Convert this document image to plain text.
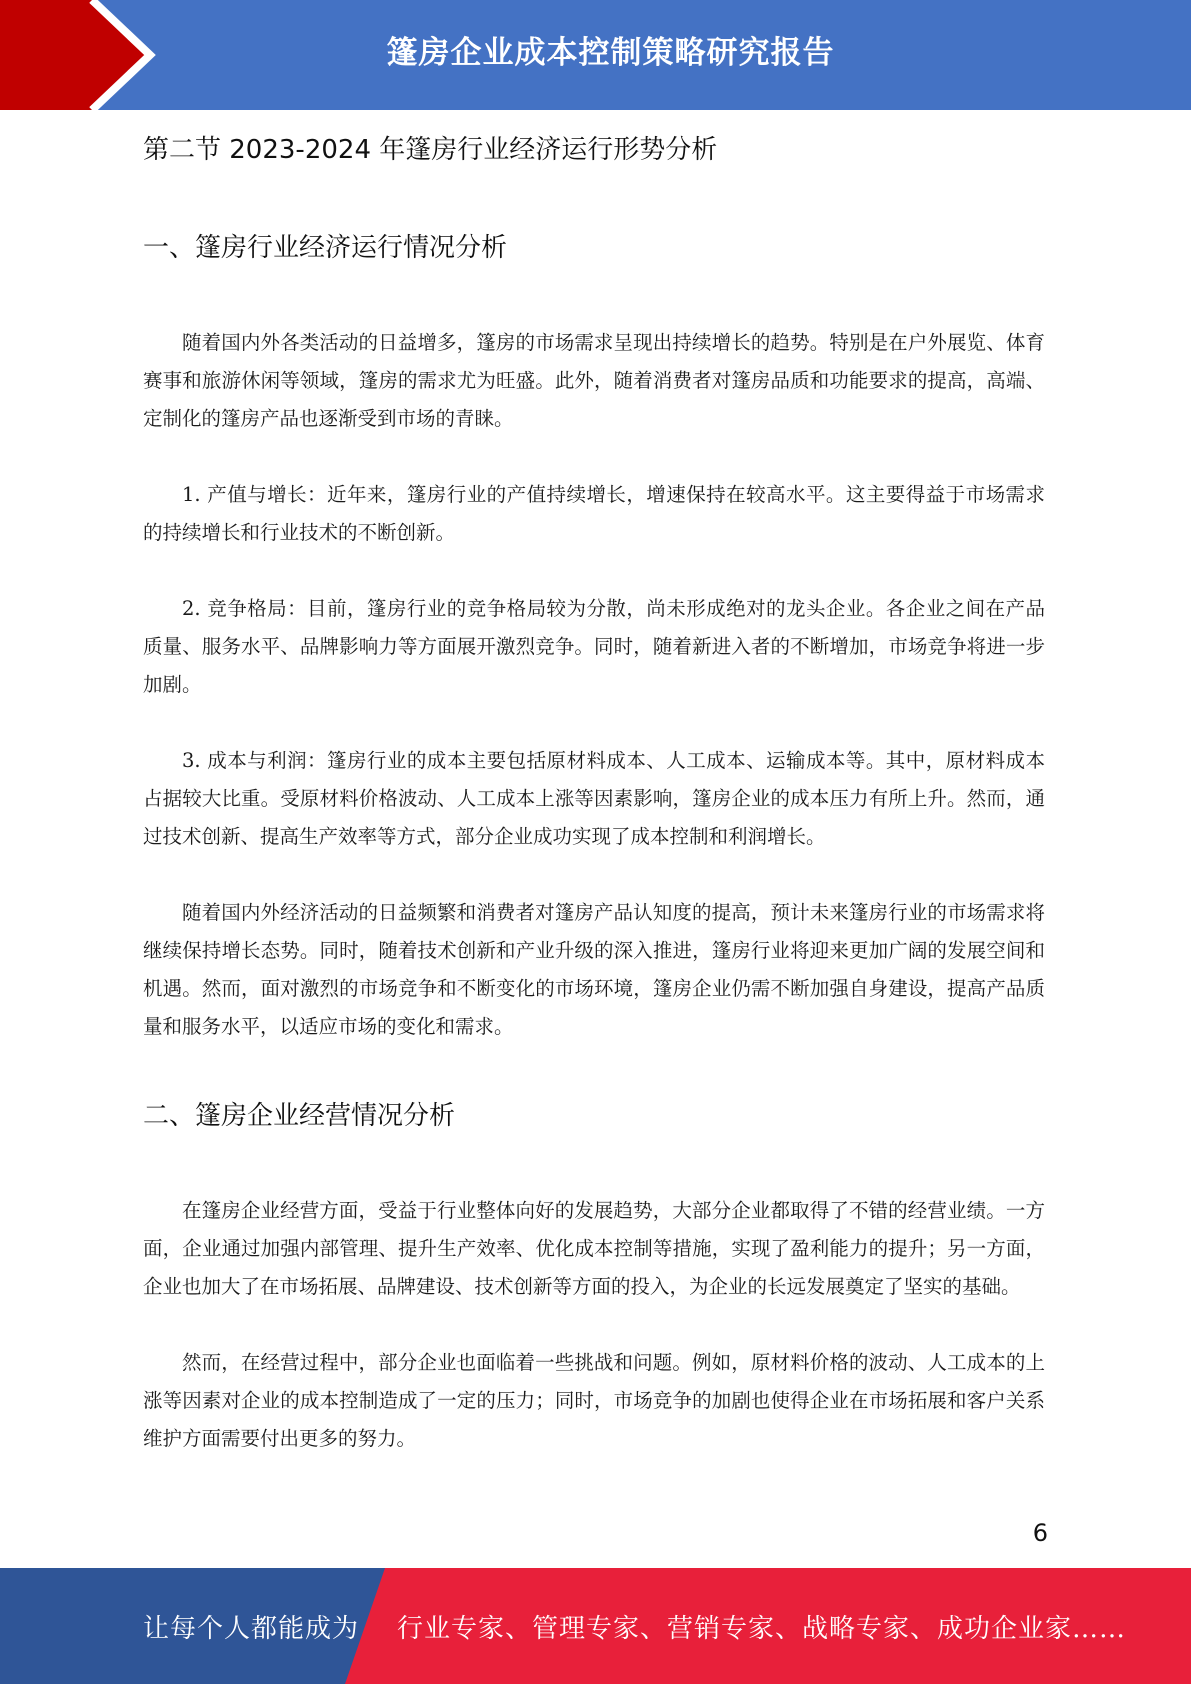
篷房企业成本控制策略研究报告
第二节 2023-2024 年篷房行业经济运行形势分析
一、篷房行业经济运行情况分析

随着国内外各类活动的日益增多，篷房的市场需求呈现出持续增长的趋势。特别是在户外展览、体育赛事和旅游休闲等领域，篷房的需求尤为旺盛。此外，随着消费者对篷房品质和功能要求的提高，高端、定制化的篷房产品也逐渐受到市场的青睐。

1. 产值与增长：近年来，篷房行业的产值持续增长，增速保持在较高水平。这主要得益于市场需求的持续增长和行业技术的不断创新。

2. 竞争格局：目前，篷房行业的竞争格局较为分散，尚未形成绝对的龙头企业。各企业之间在产品质量、服务水平、品牌影响力等方面展开激烈竞争。同时，随着新进入者的不断增加，市场竞争将进一步加剧。

3. 成本与利润：篷房行业的成本主要包括原材料成本、人工成本、运输成本等。其中，原材料成本占据较大比重。受原材料价格波动、人工成本上涨等因素影响，篷房企业的成本压力有所上升。然而，通过技术创新、提高生产效率等方式，部分企业成功实现了成本控制和利润增长。

随着国内外经济活动的日益频繁和消费者对篷房产品认知度的提高，预计未来篷房行业的市场需求将继续保持增长态势。同时，随着技术创新和产业升级的深入推进，篷房行业将迎来更加广阔的发展空间和机遇。然而，面对激烈的市场竞争和不断变化的市场环境，篷房企业仍需不断加强自身建设，提高产品质量和服务水平，以适应市场的变化和需求。

二、篷房企业经营情况分析

在篷房企业经营方面，受益于行业整体向好的发展趋势，大部分企业都取得了不错的经营业绩。一方面，企业通过加强内部管理、提升生产效率、优化成本控制等措施，实现了盈利能力的提升；另一方面，企业也加大了在市场拓展、品牌建设、技术创新等方面的投入，为企业的长远发展奠定了坚实的基础。

然而，在经营过程中，部分企业也面临着一些挑战和问题。例如，原材料价格的波动、人工成本的上涨等因素对企业的成本控制造成了一定的压力；同时，市场竞争的加剧也使得企业在市场拓展和客户关系维护方面需要付出更多的努力。

6
让每个人都能成为 行业专家、管理专家、营销专家、战略专家、成功企业家……
